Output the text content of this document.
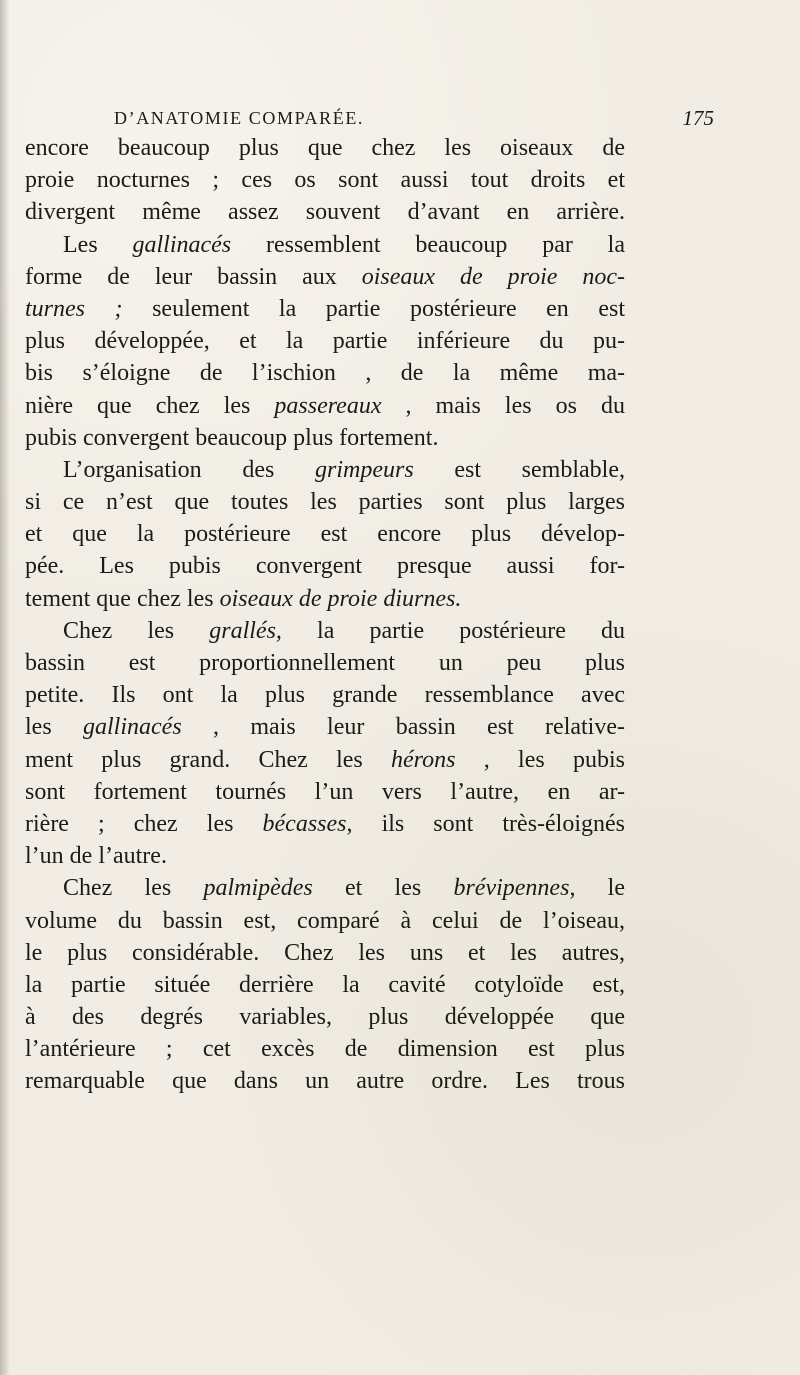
D’ANATOMIE COMPARÉE.	175
encore beaucoup plus que chez les oiseaux de
proie nocturnes ; ces os sont aussi tout droits et
divergent même assez souvent d’avant en arrière.
Les gallinacés ressemblent beaucoup par la
forme de leur bassin aux oiseaux de proie noc-
turnes ; seulement la partie postérieure en est
plus développée, et la partie inférieure du pu-
bis s’éloigne de l’ischion , de la même ma-
nière que chez les passereaux , mais les os du
pubis convergent beaucoup plus fortement.
L’organisation des grimpeurs est semblable,
si ce n’est que toutes les parties sont plus larges
et que la postérieure est encore plus dévelop-
pée. Les pubis convergent presque aussi for-
tement que chez les oiseaux de proie diurnes.
Chez les grallés, la partie postérieure du
bassin est proportionnellement un peu plus
petite. Ils ont la plus grande ressemblance avec
les gallinacés , mais leur bassin est relative-
ment plus grand. Chez les hérons , les pubis
sont fortement tournés l’un vers l’autre, en ar-
rière ; chez les bécasses, ils sont très-éloignés
l’un de l’autre.
Chez les palmipèdes et les brévipennes, le
volume du bassin est, comparé à celui de l’oiseau,
le plus considérable. Chez les uns et les autres,
la partie située derrière la cavité cotyloïde est,
à des degrés variables, plus développée que
l’antérieure ; cet excès de dimension est plus
remarquable que dans un autre ordre. Les trous
